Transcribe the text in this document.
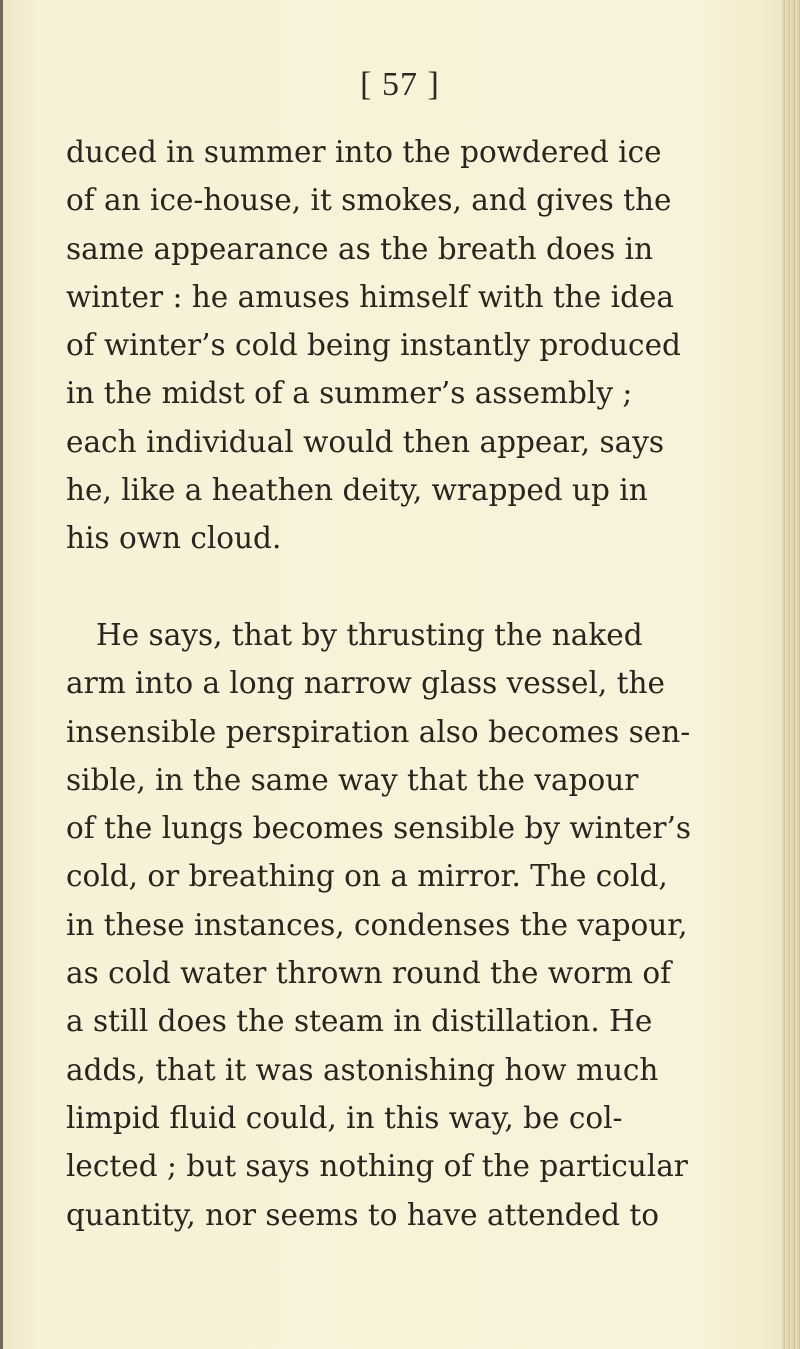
[ 57 ]
duced in summer into the powdered ice
of an ice-house, it smokes, and gives the
same appearance as the breath does in
winter : he amuses himself with the idea
of winter’s cold being instantly produced
in the midst of a summer’s assembly ;
each individual would then appear, says
he, like a heathen deity, wrapped up in
his own cloud.
He says, that by thrusting the naked
arm into a long narrow glass vessel, the
insensible perspiration also becomes sen-
sible, in the same way that the vapour
of the lungs becomes sensible by winter’s
cold, or breathing on a mirror. The cold,
in these instances, condenses the vapour,
as cold water thrown round the worm of
a still does the steam in distillation. He
adds, that it was astonishing how much
limpid fluid could, in this way, be col-
lected ; but says nothing of the particular
quantity, nor seems to have attended to
